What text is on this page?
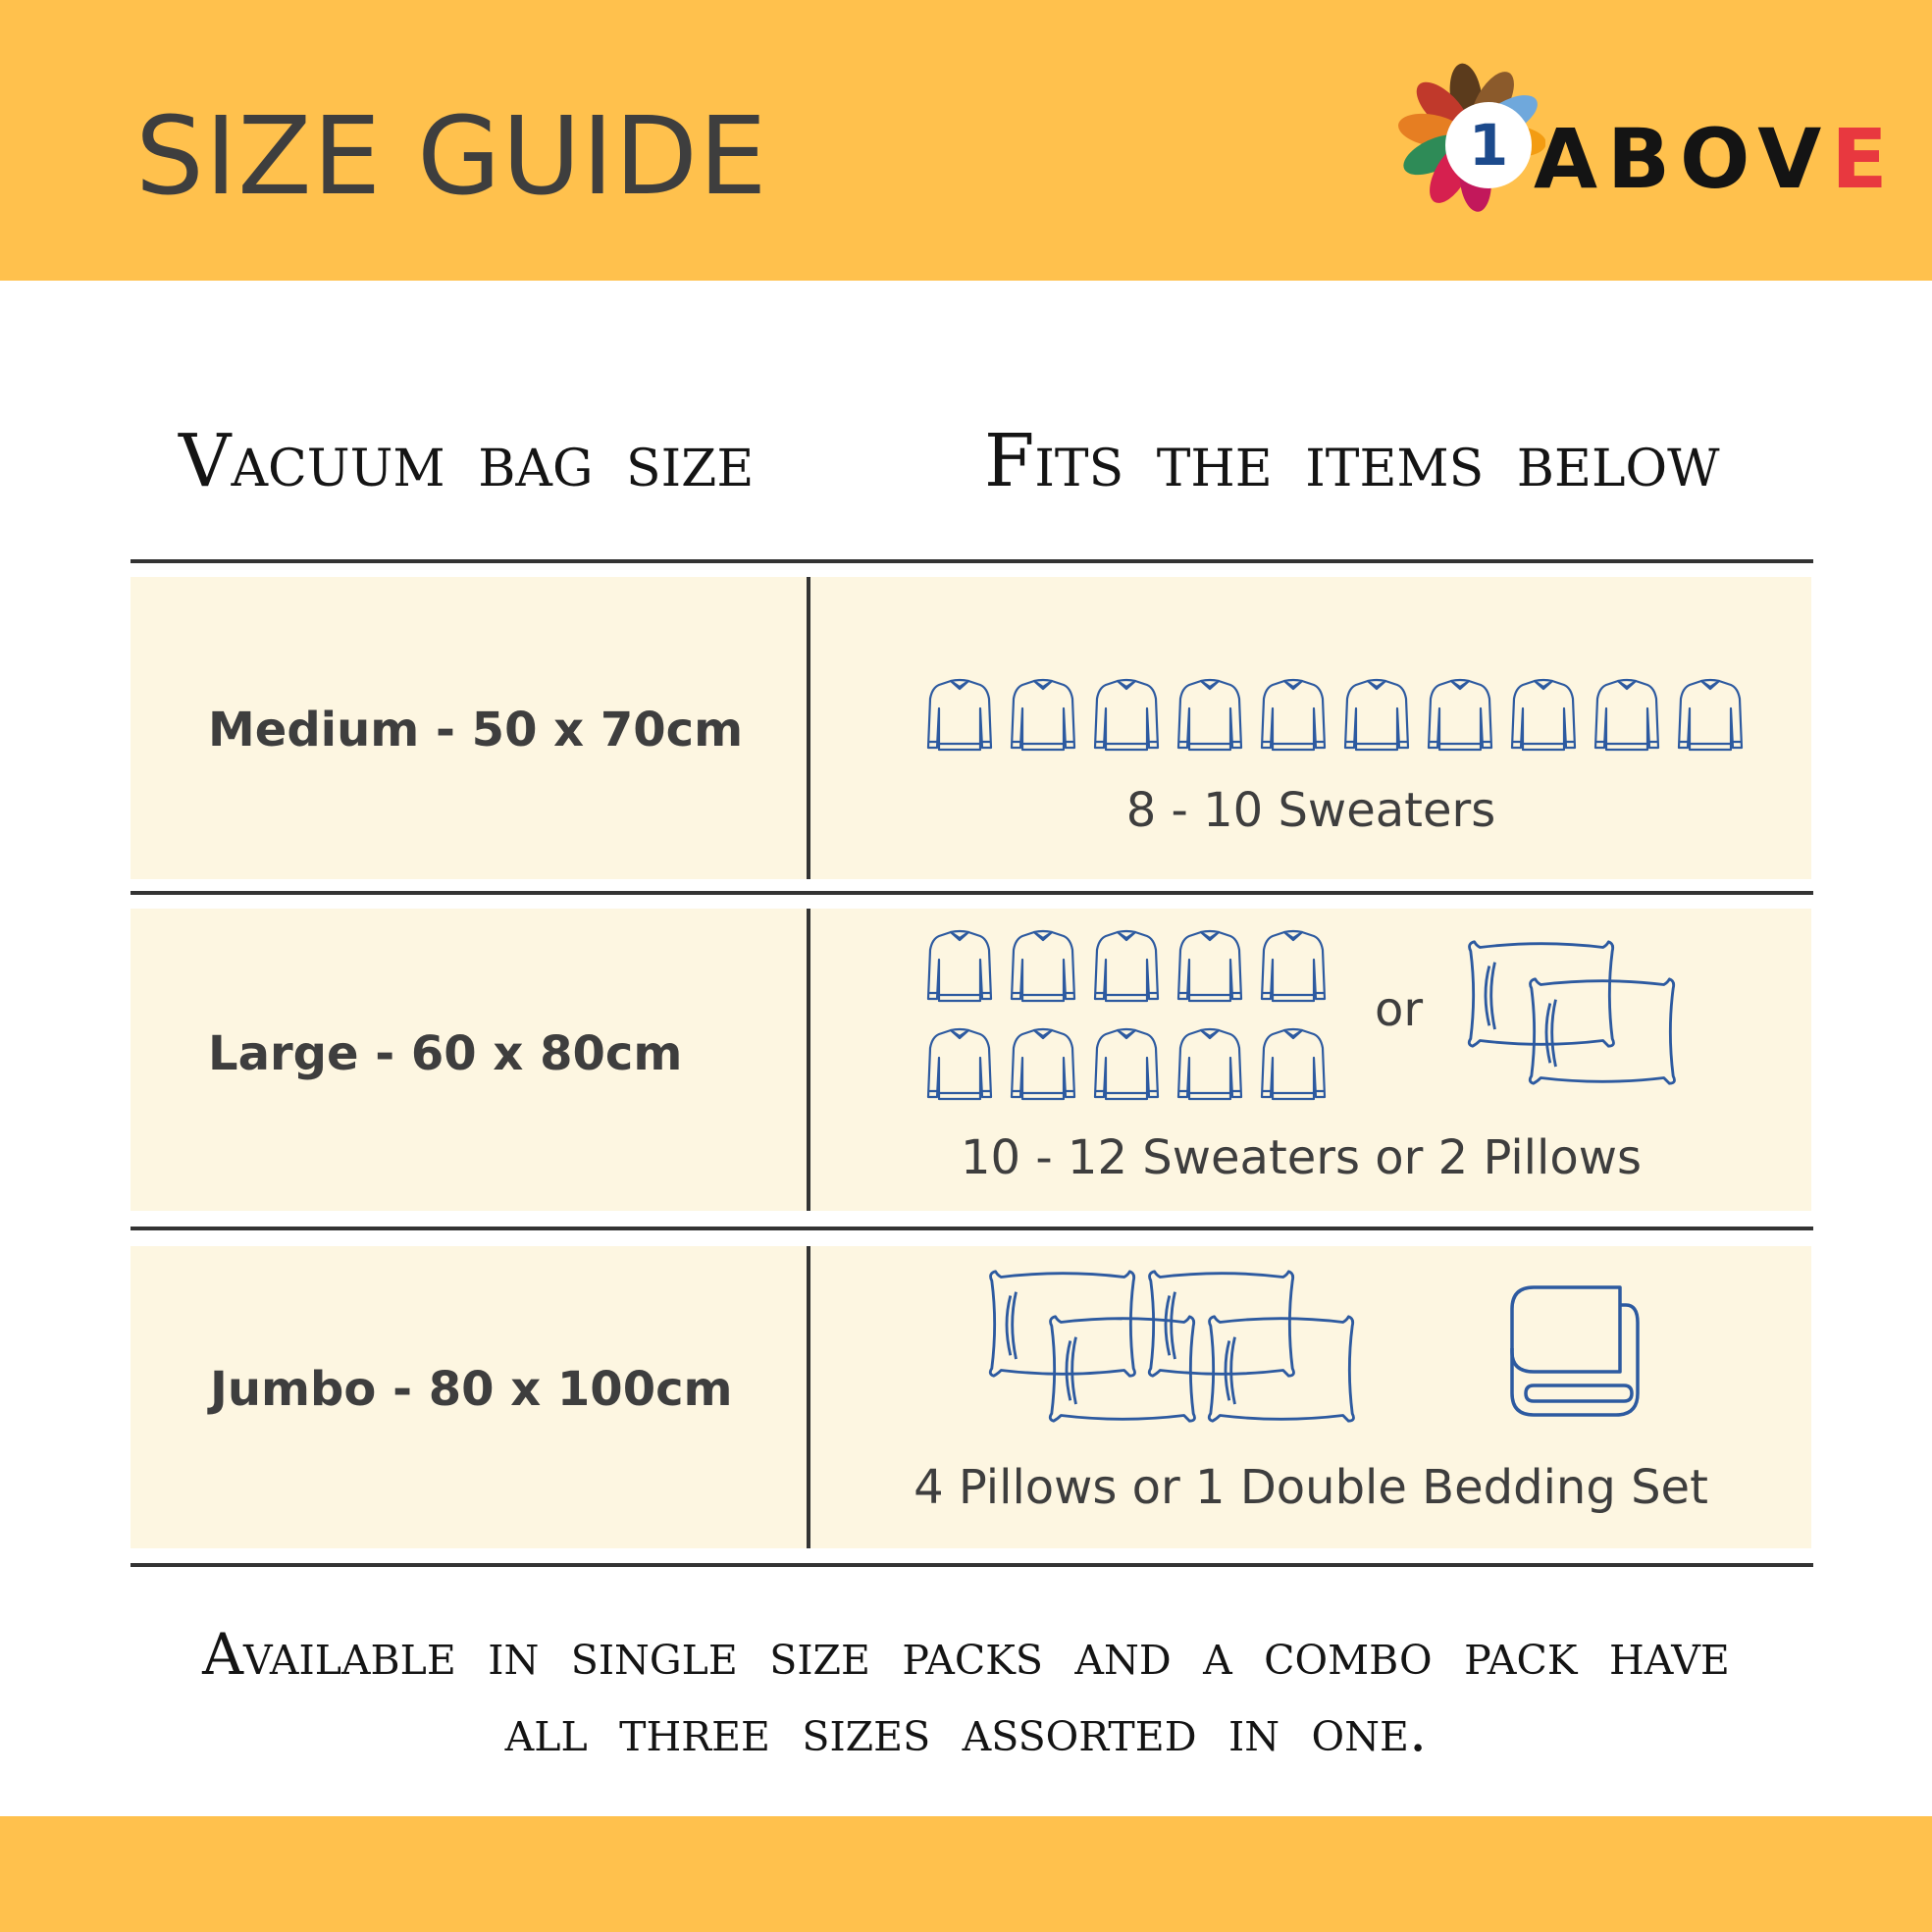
SIZE GUIDE	1 ABOVE
Vacuum bag size	Fits the items below
Medium - 50 x 70cm
8 - 10 Sweaters
Large - 60 x 80cm
or
10 - 12 Sweaters or 2 Pillows
Jumbo - 80 x 100cm
4 Pillows or 1 Double Bedding Set
Available in single size packs and a combo pack have
all three sizes assorted in one.
